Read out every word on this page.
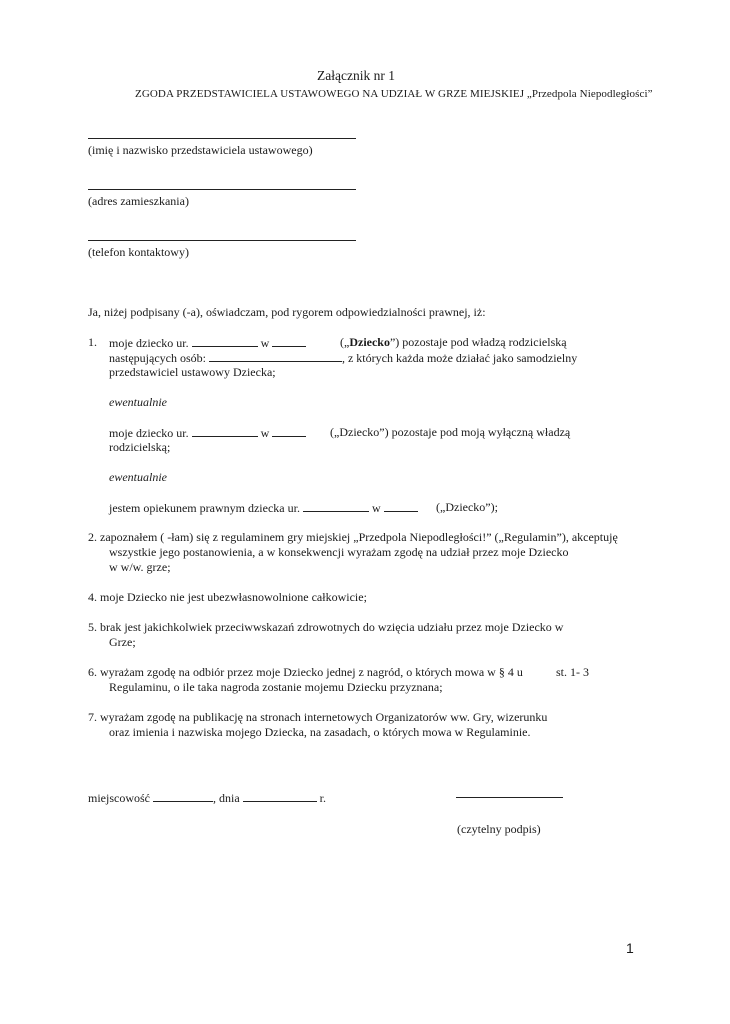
Załącznik nr 1
ZGODA PRZEDSTAWICIELA USTAWOWEGO NA UDZIAŁ W GRZE MIEJSKIEJ „Przedpola Niepodległości”
(imię i nazwisko przedstawiciela ustawowego)
(adres zamieszkania)
(telefon kontaktowy)
Ja, niżej podpisany (-a), oświadczam, pod rygorem odpowiedzialności prawnej, iż:
1. moje dziecko ur.	w	(„Dziecko”) pozostaje pod władzą rodzicielską
następujących osób:	, z których każda może działać jako samodzielny
przedstawiciel ustawowy Dziecka;
ewentualnie
moje dziecko ur.	w	(„Dziecko”) pozostaje pod moją wyłączną władzą
rodzicielską;
ewentualnie
jestem opiekunem prawnym dziecka ur.	w	(„Dziecko”);
2. zapoznałem ( -łam) się z regulaminem gry miejskiej „Przedpola Niepodległości!” („Regulamin”), akceptuję
wszystkie jego postanowienia, a w konsekwencji wyrażam zgodę na udział przez moje Dziecko
w w/w. grze;
4. moje Dziecko nie jest ubezwłasnowolnione całkowicie;
5. brak jest jakichkolwiek przeciwwskazań zdrowotnych do wzięcia udziału przez moje Dziecko w
Grze;
6. wyrażam zgodę na odbiór przez moje Dziecko jednej z nagród, o których mowa w § 4 u	st. 1- 3
Regulaminu, o ile taka nagroda zostanie mojemu Dziecku przyznana;
7. wyrażam zgodę na publikację na stronach internetowych Organizatorów ww. Gry, wizerunku
oraz imienia i nazwiska mojego Dziecka, na zasadach, o których mowa w Regulaminie.
miejscowość	, dnia	r.
(czytelny podpis)
1
